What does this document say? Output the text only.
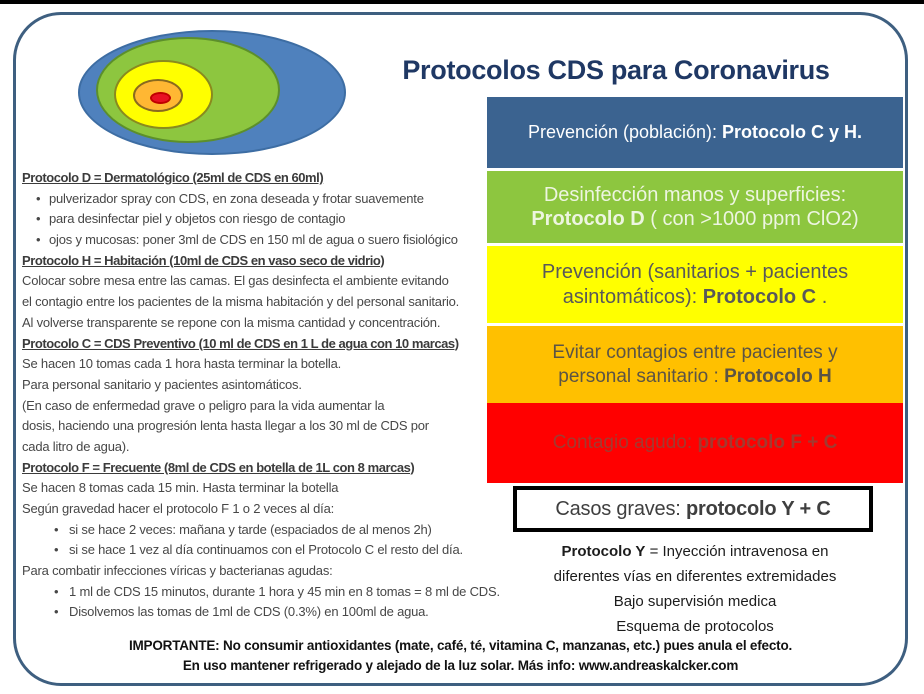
Protocolos CDS para Coronavirus
Protocolo D = Dermatológico (25ml de CDS en 60ml)
• pulverizador spray con CDS, en zona deseada y frotar suavemente
• para desinfectar piel y objetos con riesgo de contagio
• ojos y mucosas: poner 3ml de CDS en 150 ml de agua o suero fisiológico
Protocolo H = Habitación (10ml de CDS en vaso seco de vidrio)
Colocar sobre mesa entre las camas. El gas desinfecta el ambiente evitando
el contagio entre los pacientes de la misma habitación y del personal sanitario.
Al volverse transparente se repone con la misma cantidad y concentración.
Protocolo C = CDS Preventivo (10 ml de CDS en 1 L de agua con 10 marcas)
Se hacen 10 tomas cada 1 hora hasta terminar la botella.
Para personal sanitario y pacientes asintomáticos.
(En caso de enfermedad grave o peligro para la vida aumentar la
dosis, haciendo una progresión lenta hasta llegar a los 30 ml de CDS por
cada litro de agua).
Protocolo F = Frecuente (8ml de CDS en botella de 1L con 8 marcas)
Se hacen 8 tomas cada 15 min. Hasta terminar la botella
Según gravedad hacer el protocolo F 1 o 2 veces al día:
• si se hace 2 veces: mañana y tarde (espaciados de al menos 2h)
• si se hace 1 vez al día continuamos con el Protocolo C el resto del día.
Para combatir infecciones víricas y bacterianas agudas:
• 1 ml de CDS 15 minutos, durante 1 hora y 45 min en 8 tomas = 8 ml de CDS.
• Disolvemos las tomas de 1ml de CDS (0.3%) en 100ml de agua.
Prevención (población): Protocolo C y H.
Desinfección manos y superficies: Protocolo D ( con >1000 ppm ClO2)
Prevención (sanitarios + pacientes asintomáticos): Protocolo C .
Evitar contagios entre pacientes y personal sanitario : Protocolo H
Contagio agudo: protocolo F + C
Casos graves: protocolo Y + C
Protocolo Y = Inyección intravenosa en
diferentes vías en diferentes extremidades
Bajo supervisión medica
Esquema de protocolos
IMPORTANTE: No consumir antioxidantes (mate, café, té, vitamina C, manzanas, etc.) pues anula el efecto.
En uso mantener refrigerado y alejado de la luz solar. Más info: www.andreaskalcker.com
